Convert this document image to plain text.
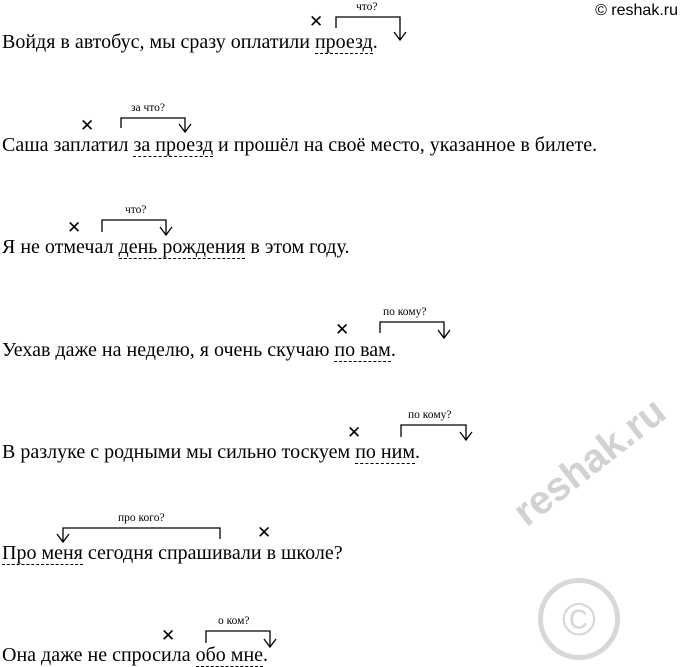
© reshak.ru
reshak.ru
©
✕
✕
✕
✕
✕
✕
✕
что?
за что?
что?
по кому?
по кому?
про кого?
о ком?
Войдя в автобус, мы сразу оплатили проезд.
Саша заплатил за проезд и прошёл на своё место, указанное в билете.
Я не отмечал день рождения в этом году.
Уехав даже на неделю, я очень скучаю по вам.
В разлуке с родными мы сильно тоскуем по ним.
Про меня сегодня спрашивали в школе?
Она даже не спросила обо мне.
